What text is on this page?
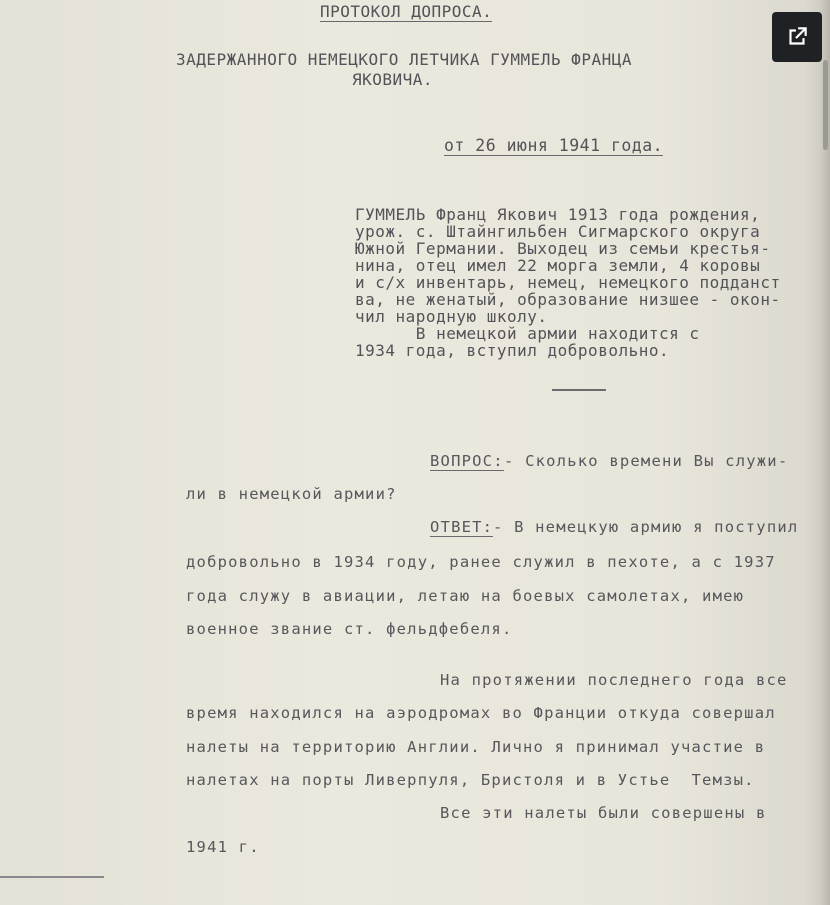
ПРОТОКОЛ ДОПРОСА.
ЗАДЕРЖАННОГО НЕМЕЦКОГО ЛЕТЧИКА ГУММЕЛЬ ФРАНЦА
ЯКОВИЧА.
от 26 июня 1941 года.
ГУММЕЛЬ Франц Якович 1913 года рождения,
урож. с. Штайнгильбен Сигмарского округа
Южной Германии. Выходец из семьи крестья-
нина, отец имел 22 морга земли, 4 коровы
и с/х инвентарь, немец, немецкого подданст
ва, не женатый, образование низшее - окон-
чил народную школу.
В немецкой армии находится с
1934 года, вступил добровольно.
ВОПРОС: - Сколько времени Вы служи-
ли в немецкой армии?
ОТВЕТ: - В немецкую армию я поступил
добровольно в 1934 году, ранее служил в пехоте, а с 1937
года служу в авиации, летаю на боевых самолетах, имею
военное звание ст. фельдфебеля.
На протяжении последнего года все
время находился на аэродромах во Франции откуда совершал
налеты на территорию Англии. Лично я принимал участие в
налетах на порты Ливерпуля, Бристоля и в Устье  Темзы.
Все эти налеты были совершены в
1941 г.
